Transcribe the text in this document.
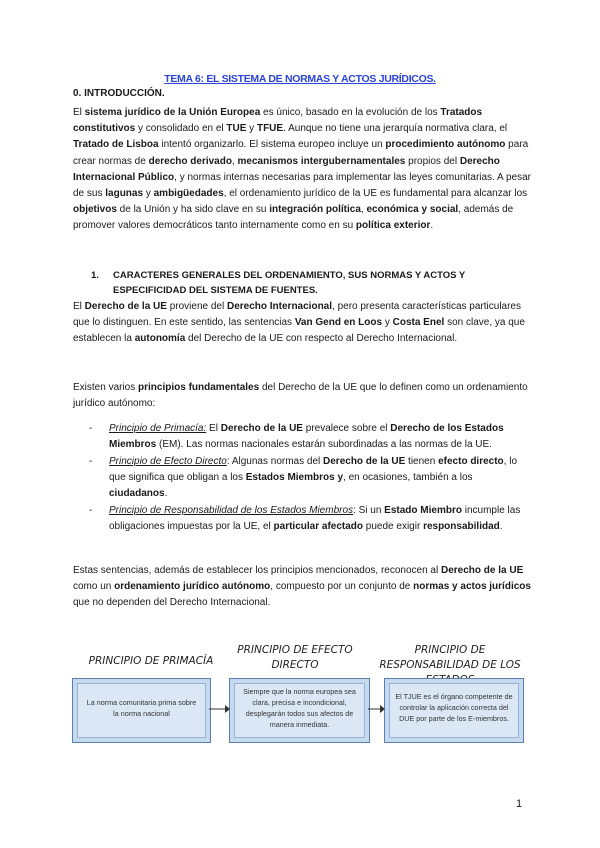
TEMA 6: EL SISTEMA DE NORMAS Y ACTOS JURÍDICOS.
0. INTRODUCCIÓN.
El sistema jurídico de la Unión Europea es único, basado en la evolución de los Tratados constitutivos y consolidado en el TUE y TFUE. Aunque no tiene una jerarquía normativa clara, el Tratado de Lisboa intentó organizarlo. El sistema europeo incluye un procedimiento autónomo para crear normas de derecho derivado, mecanismos intergubernamentales propios del Derecho Internacional Público, y normas internas necesarias para implementar las leyes comunitarias. A pesar de sus lagunas y ambigüedades, el ordenamiento jurídico de la UE es fundamental para alcanzar los objetivos de la Unión y ha sido clave en su integración política, económica y social, además de promover valores democráticos tanto internamente como en su política exterior.
1. CARACTERES GENERALES DEL ORDENAMIENTO, SUS NORMAS Y ACTOS Y ESPECIFICIDAD DEL SISTEMA DE FUENTES.
El Derecho de la UE proviene del Derecho Internacional, pero presenta características particulares que lo distinguen. En este sentido, las sentencias Van Gend en Loos y Costa Enel son clave, ya que establecen la autonomía del Derecho de la UE con respecto al Derecho Internacional.
Existen varios principios fundamentales del Derecho de la UE que lo definen como un ordenamiento jurídico autónomo:
- Principio de Primacía: El Derecho de la UE prevalece sobre el Derecho de los Estados Miembros (EM). Las normas nacionales estarán subordinadas a las normas de la UE.
- Principio de Efecto Directo: Algunas normas del Derecho de la UE tienen efecto directo, lo que significa que obligan a los Estados Miembros y, en ocasiones, también a los ciudadanos.
- Principio de Responsabilidad de los Estados Miembros: Si un Estado Miembro incumple las obligaciones impuestas por la UE, el particular afectado puede exigir responsabilidad.
Estas sentencias, además de establecer los principios mencionados, reconocen al Derecho de la UE como un ordenamiento jurídico autónomo, compuesto por un conjunto de normas y actos jurídicos que no dependen del Derecho Internacional.
PRINCIPIO DE PRIMACÍA
PRINCIPIO DE EFECTO DIRECTO
PRINCIPIO DE RESPONSABILIDAD DE LOS
La norma comunitaria prima sobre la norma nacional
Siempre que la norma europea sea clara, precisa e incondicional, desplegarán todos sus afectos de manera inmediata.
El TJUE es el órgano competente de controlar la aplicación correcta del DUE por parte de los E-miembros.
1
